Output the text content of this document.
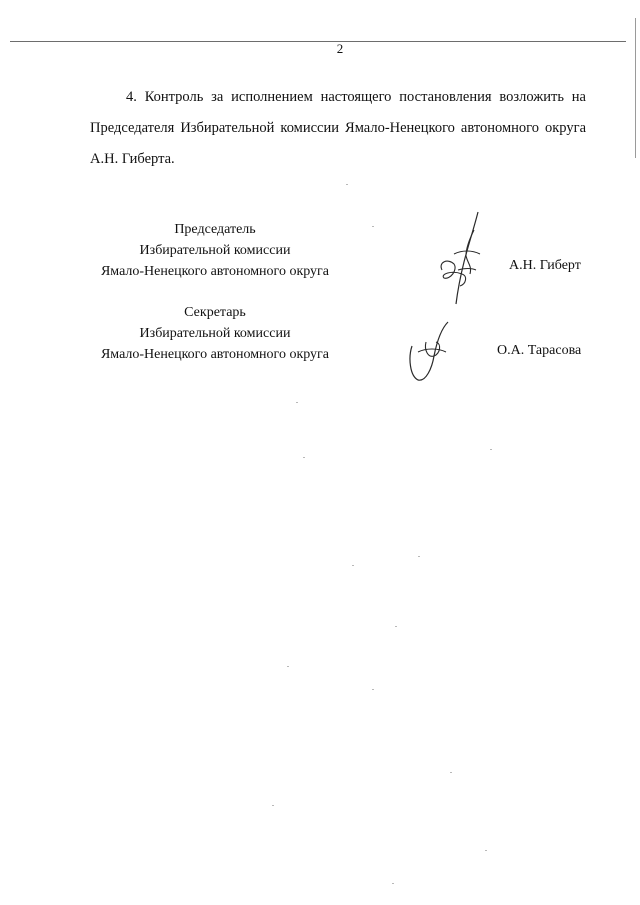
2

4. Контроль за исполнением настоящего постановления возложить на Председателя Избирательной комиссии Ямало-Ненецкого автономного округа А.Н. Гиберта.

Председатель
Избирательной комиссии
Ямало-Ненецкого автономного округа	А.Н. Гиберт
Секретарь
Избирательной комиссии
Ямало-Ненецкого автономного округа	О.А. Тарасова
